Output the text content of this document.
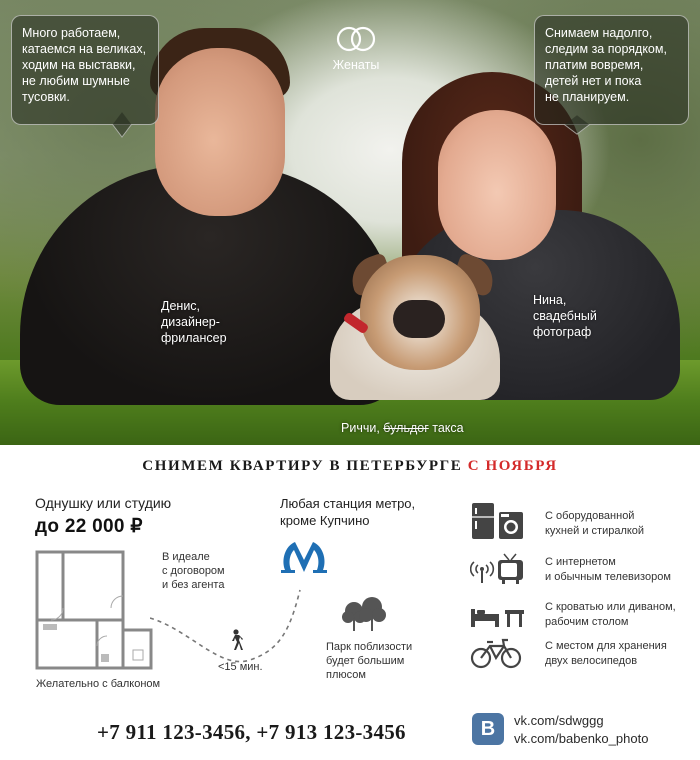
Много работаем,
катаемся на великах,
ходим на выставки,
не любим шумные
тусовки.
Снимаем надолго,
следим за порядком,
платим вовремя,
детей нет и пока
не планируем.
Женаты
Денис,
дизайнер-
фрилансер
Нина,
свадебный
фотограф
Риччи, бульдог такса
СНИМЕМ КВАРТИРУ В ПЕТЕРБУРГЕ С НОЯБРЯ
Однушку или студию
до 22 000 ₽
Желательно с балконом
В идеале
с договором
и без агента
Любая станция метро,
кроме Купчино
<15 мин.
Парк поблизости
будет большим
плюсом
С оборудованной
кухней и стиралкой
С интернетом
и обычным телевизором
С кроватью или диваном,
рабочим столом
С местом для хранения
двух велосипедов
+7 911 123-3456, +7 913 123-3456	B	vk.com/sdwggg
vk.com/babenko_photo
